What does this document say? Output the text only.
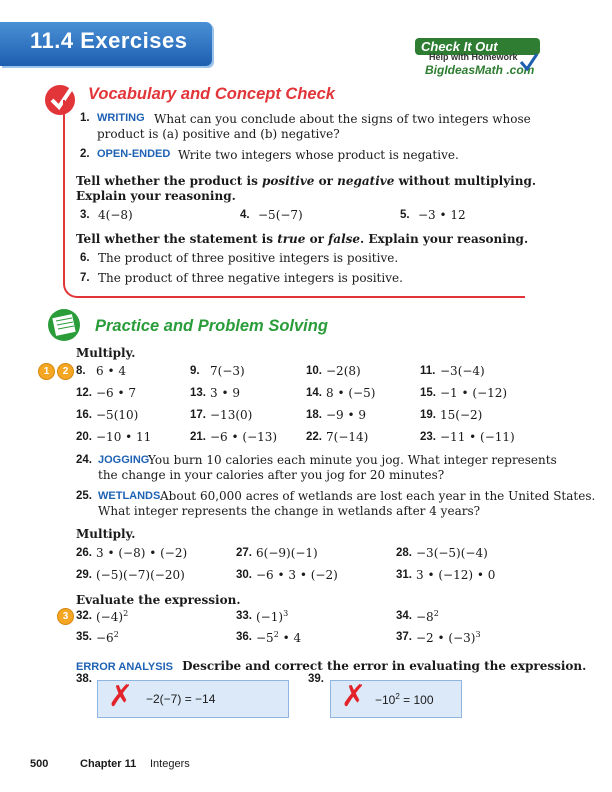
11.4 Exercises	Check It Out
Help with Homework
BigIdeasMath .com
Vocabulary and Concept Check
1. WRITING What can you conclude about the signs of two integers whose
product is (a) positive and (b) negative?
2. OPEN-ENDED Write two integers whose product is negative.
Tell whether the product is positive or negative without multiplying.
Explain your reasoning.
3. 4(−8)	4. −5(−7)	5. −3 • 12
Tell whether the statement is true or false. Explain your reasoning.
6. The product of three positive integers is positive.
7. The product of three negative integers is positive.
Practice and Problem Solving
Multiply.
1	2 8. 6 • 4	9. 7(−3)	10. −2(8)	11. −3(−4)
12. −6 • 7	13. 3 • 9	14. 8 • (−5)	15. −1 • (−12)
16. −5(10)	17. −13(0)	18. −9 • 9	19. 15(−2)
20. −10 • 11	21. −6 • (−13)	22. 7(−14)	23. −11 • (−11)
24. JOGGING
You burn 10 calories each minute you jog. What integer represents
the change in your calories after you jog for 20 minutes?
25. WETLANDS About 60,000 acres of wetlands are lost each year in the United States.
What integer represents the change in wetlands after 4 years?
Multiply.
26. 3 • (−8) • (−2)	27. 6(−9)(−1)	28. −3(−5)(−4)
29. (−5)(−7)(−20)	30. −6 • 3 • (−2)	31. 3 • (−12) • 0
Evaluate the expression.
3 32. $(-4)^2$	33. $(-1)^3$	34. $-8^2$
35. $-6^2$	36. $-5^2$ • 4	37. −2 • $(-3)^3$
ERROR ANALYSIS Describe and correct the error in evaluating the expression.
38. ✗ −2(−7) = −14
39. ✗ $-10^2 = 100$
500	Chapter 11 Integers
